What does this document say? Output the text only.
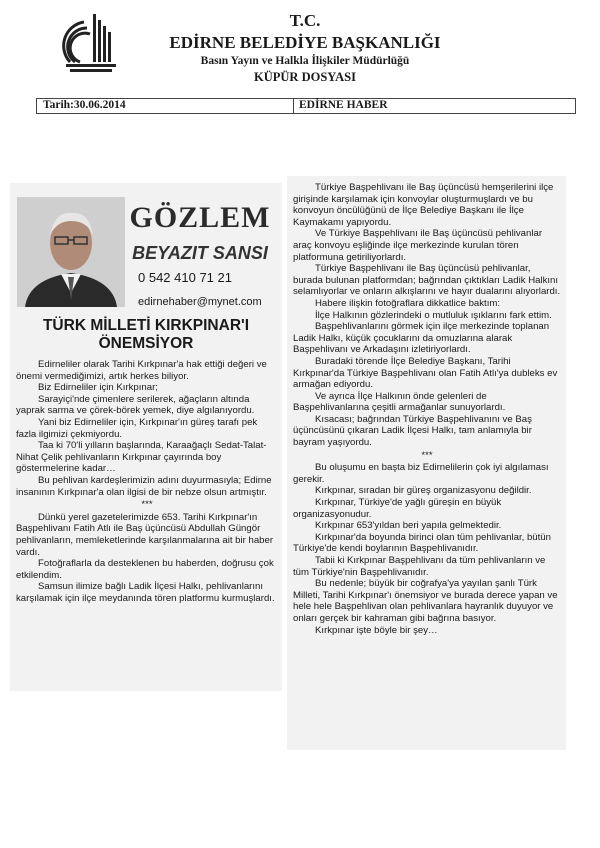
T.C.
EDİRNE BELEDİYE BAŞKANLIĞI
Basın Yayın ve Halkla İlişkiler Müdürlüğü
KÜPÜR DOSYASI
Tarih:30.06.2014	EDİRNE HABER
GÖZLEM
BEYAZIT SANSI
0 542 410 71 21
edirnehaber@mynet.com
TÜRK MİLLETİ KIRKPINAR'I
ÖNEMSİYOR

Edirneliler olarak Tarihi Kırkpınar'a hak ettiği değeri ve önemi vermediğimizi, artık herkes biliyor.

Biz Edirneliler için Kırkpınar;

Sarayiçi'nde çimenlere serilerek, ağaçların altında yaprak sarma ve çörek-börek yemek, diye algılanıyordu.

Yani biz Edirneliler için, Kırkpınar'ın güreş tarafı pek fazla ilgimizi çekmiyordu.

Taa ki 70'li yılların başlarında, Karaağaçlı Sedat-Talat-Nihat Çelik pehlivanların Kırkpınar çayırında boy göstermelerine kadar…

Bu pehlivan kardeşlerimizin adını duyurmasıyla; Edirne insanının Kırkpınar'a olan ilgisi de bir nebze olsun artmıştır.

***

Dünkü yerel gazetelerimizde 653. Tarihi Kırkpınar'ın Başpehlivanı Fatih Atlı ile Baş üçüncüsü Abdullah Güngör pehlivanların, memleketlerinde karşılanmalarına ait bir haber vardı.

Fotoğraflarla da desteklenen bu haberden, doğrusu çok etkilendim.

Samsun ilimize bağlı Ladik İlçesi Halkı, pehlivanlarını karşılamak için ilçe meydanında tören platformu kurmuşlardı.

Türkiye Başpehlivanı ile Baş üçüncüsü hemşerilerini ilçe girişinde karşılamak için konvoylar oluşturmuşlardı ve bu konvoyun öncülüğünü de İlçe Belediye Başkanı ile İlçe Kaymakamı yapıyordu.

Ve Türkiye Başpehlivanı ile Baş üçüncüsü pehlivanlar araç konvoyu eşliğinde ilçe merkezinde kurulan tören platformuna getiriliyorlardı.

Türkiye Başpehlivanı ile Baş üçüncüsü pehlivanlar, burada bulunan platformdan; bağrından çıktıkları Ladik Halkını selamlıyorlar ve onların alkışlarını ve hayır dualarını alıyorlardı.

Habere ilişkin fotoğraflara dikkatlice baktım:

İlçe Halkının gözlerindeki o mutluluk ışıklarını fark ettim.

Başpehlivanlarını görmek için ilçe merkezinde toplanan Ladik Halkı, küçük çocuklarını da omuzlarına alarak Başpehlivanı ve Arkadaşını izletiriyorlardı.

Buradaki törende İlçe Belediye Başkanı, Tarihi Kırkpınar'da Türkiye Başpehlivanı olan Fatih Atlı'ya dubleks ev armağan ediyordu.

Ve ayrıca İlçe Halkının önde gelenleri de Başpehlivanlarına çeşitli armağanlar sunuyorlardı.

Kısacası; bağrından Türkiye Başpehlivanını ve Baş üçüncüsünü çıkaran Ladik İlçesi Halkı, tam anlamıyla bir bayram yaşıyordu.

***

Bu oluşumu en başta biz Edirnelilerin çok iyi algılaması gerekir.

Kırkpınar, sıradan bir güreş organizasyonu değildir.

Kırkpınar, Türkiye'de yağlı güreşin en büyük organizasyonudur.

Kırkpınar 653'yıldan beri yapıla gelmektedir.

Kırkpınar'da boyunda birinci olan tüm pehlivanlar, bütün Türkiye'de kendi boylarının Başpehlivanıdır.

Tabii ki Kırkpınar Başpehlivanı da tüm pehlivanların ve tüm Türkiye'nin Başpehlivanıdır.

Bu nedenle; büyük bir coğrafya'ya yayılan şanlı Türk Milleti, Tarihi Kırkpınar'ı önemsiyor ve burada derece yapan ve hele hele Başpehlivan olan pehlivanlara hayranlık duyuyor ve onları gerçek bir kahraman gibi bağrına basıyor.

Kırkpınar işte böyle bir şey…
